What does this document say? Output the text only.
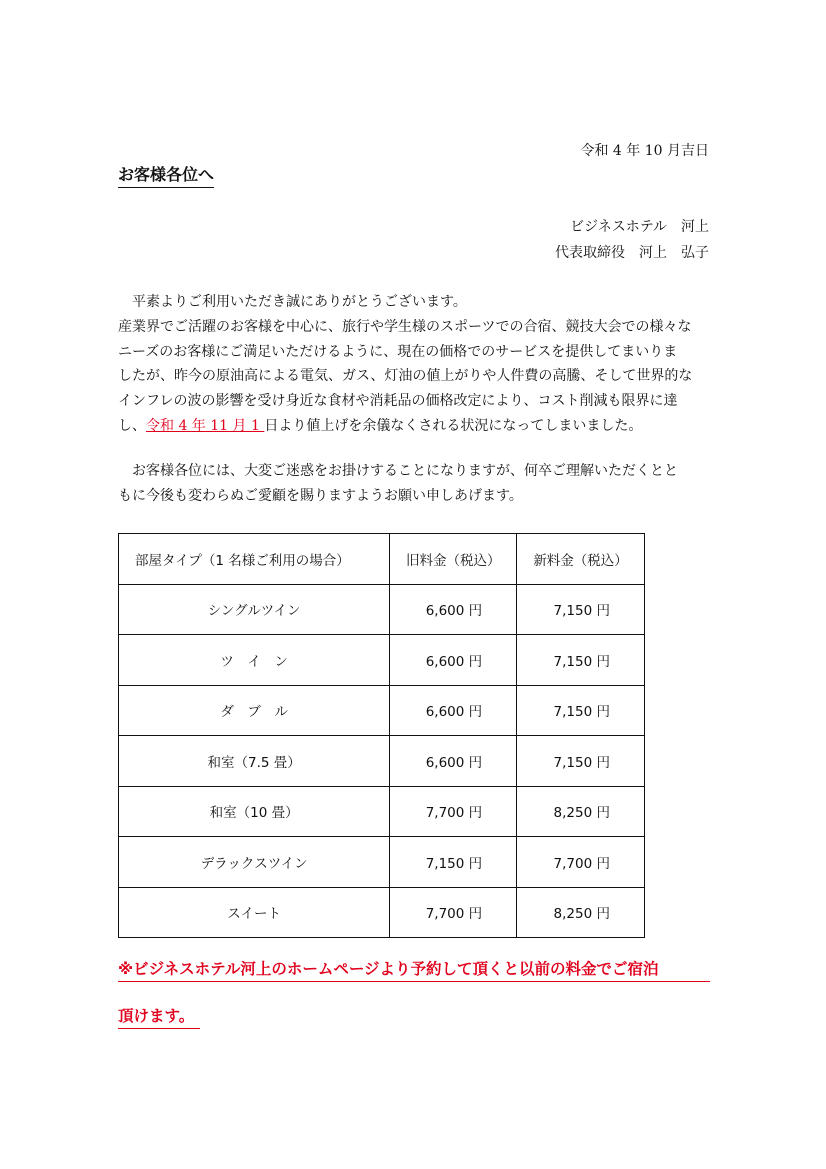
令和 4 年 10 月吉日
お客様各位へ
ビジネスホテル　河上
代表取締役　河上　弘子
　平素よりご利用いただき誠にありがとうございます。
産業界でご活躍のお客様を中心に、旅行や学生様のスポーツでの合宿、競技大会での様々な
ニーズのお客様にご満足いただけるように、現在の価格でのサービスを提供してまいりま
したが、昨今の原油高による電気、ガス、灯油の値上がりや人件費の高騰、そして世界的な
インフレの波の影響を受け身近な食材や消耗品の価格改定により、コスト削減も限界に達
し、令和 4 年 11 月 1 日より値上げを余儀なくされる状況になってしまいました。
　お客様各位には、大変ご迷惑をお掛けすることになりますが、何卒ご理解いただくとと
もに今後も変わらぬご愛顧を賜りますようお願い申しあげます。
部屋タイプ（1 名様ご利用の場合）	旧料金（税込）	新料金（税込）
シングルツイン	6,600 円	7,150 円
ツ　イ　ン	6,600 円	7,150 円
ダ　ブ　ル	6,600 円	7,150 円
和室（7.5 畳）	6,600 円	7,150 円
和室（10 畳）	7,700 円	8,250 円
デラックスツイン	7,150 円	7,700 円
スイート	7,700 円	8,250 円
※ビジネスホテル河上のホームページより予約して頂くと以前の料金でご宿泊
頂けます。
